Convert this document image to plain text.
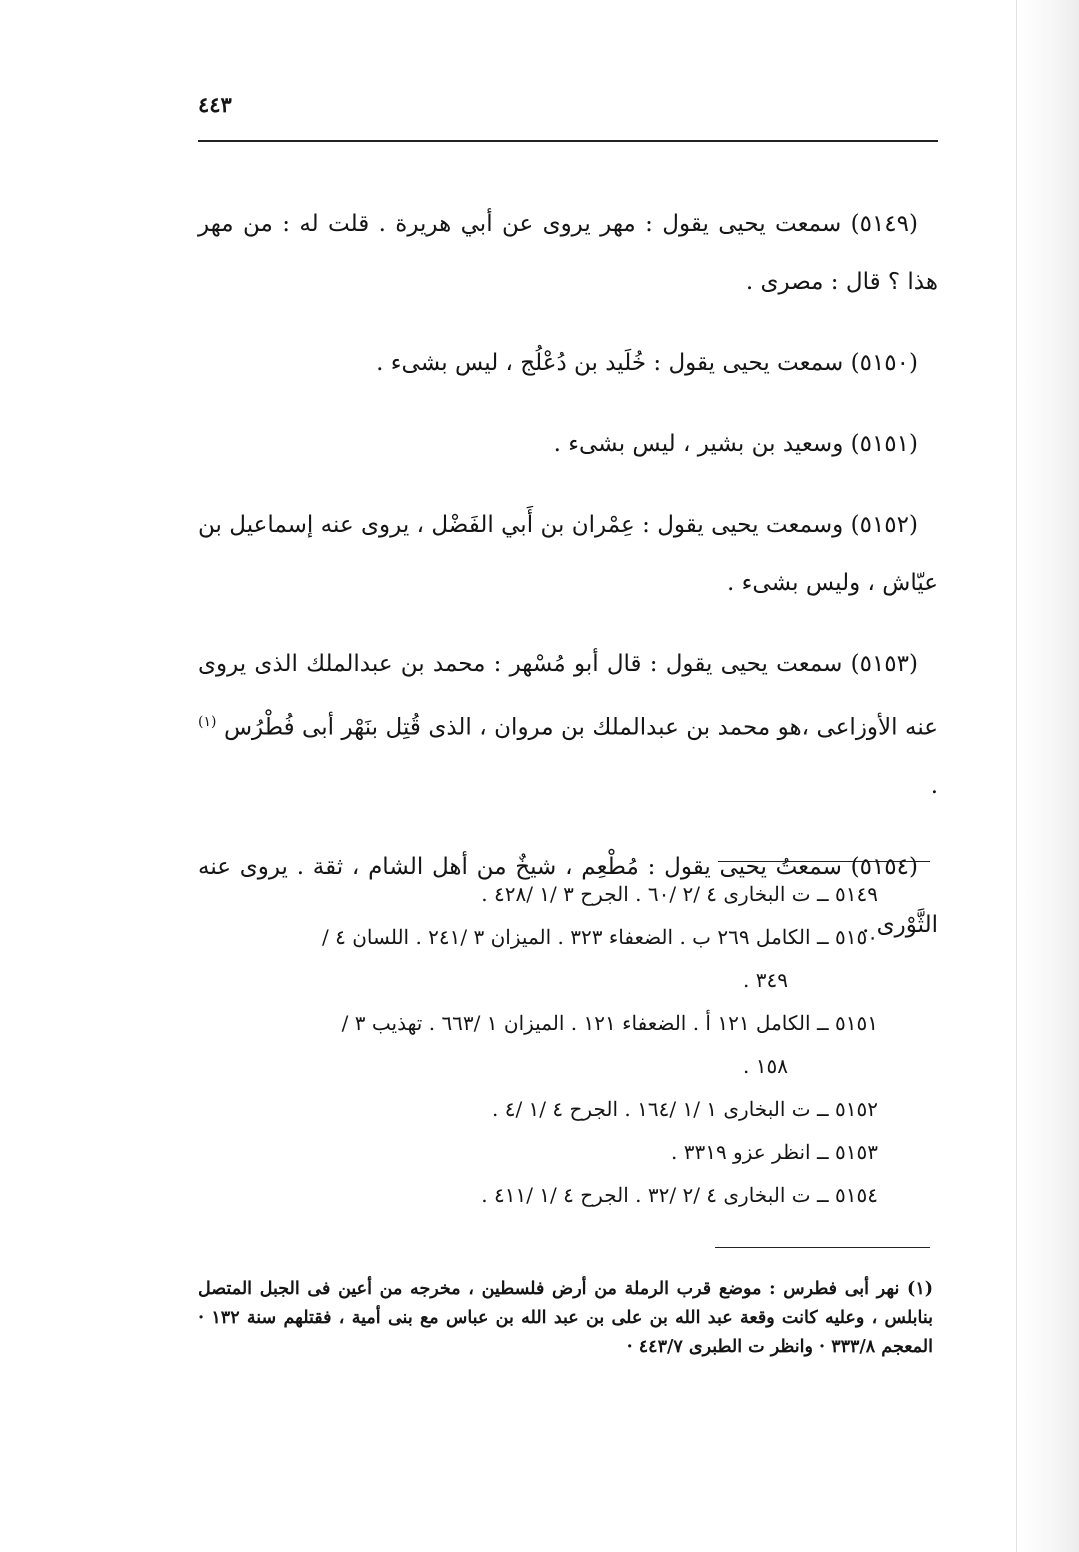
٤٤٣

(٥١٤٩) سمعت يحيى يقول : مهر يروى عن أبي هريرة . قلت له : من مهر هذا ؟ قال : مصرى .

(٥١٥٠) سمعت يحيى يقول : خُلَيد بن دُعْلُج ، ليس بشىء .

(٥١٥١) وسعيد بن بشير ، ليس بشىء .

(٥١٥٢) وسمعت يحيى يقول : عِمْران بن أَبي الفَضْل ، يروى عنه إسماعيل بن عيّاش ، وليس بشىء .

(٥١٥٣) سمعت يحيى يقول : قال أبو مُسْهر : محمد بن عبدالملك الذى يروى عنه الأوزاعى ،هو محمد بن عبدالملك بن مروان ، الذى قُتِل بنَهْر أبى فُطْرُس $^{(١)}$ .

(٥١٥٤) سمعتُ يحيى يقول : مُطْعِم ، شيخٌ من أهل الشام ، ثقة . يروى عنه الثَّوْرى .

٥١٤٩ ــ ت البخارى ٤ /٢ /٦٠ . الجرح ٣ /١ /٤٢٨ .
٥١٥٠ ــ الكامل ٢٦٩ ب . الضعفاء ٣٢٣ . الميزان ٣ /٢٤١ . اللسان ٤ /
٣٤٩ .
٥١٥١ ــ الكامل ١٢١ أ . الضعفاء ١٢١ . الميزان ١ /٦٦٣ . تهذيب ٣ /
١٥٨ .
٥١٥٢ ــ ت البخارى ١ /١ /١٦٤ . الجرح ٤ /١ /٤ .
٥١٥٣ ــ انظر عزو ٣٣١٩ .
٥١٥٤ ــ ت البخارى ٤ /٢ /٣٢ . الجرح ٤ /١ /٤١١ .
(١) نهر أبى فطرس : موضع قرب الرملة من أرض فلسطين ، مخرجه من أعين فى الجبل المتصل بنابلس ، وعليه كانت وقعة عبد الله بن على بن عبد الله بن عباس مع بنى أمية ، فقتلهم سنة ١٣٢ · المعجم ٣٣٣/٨ · وانظر ت الطبرى ٤٤٣/٧ ·
